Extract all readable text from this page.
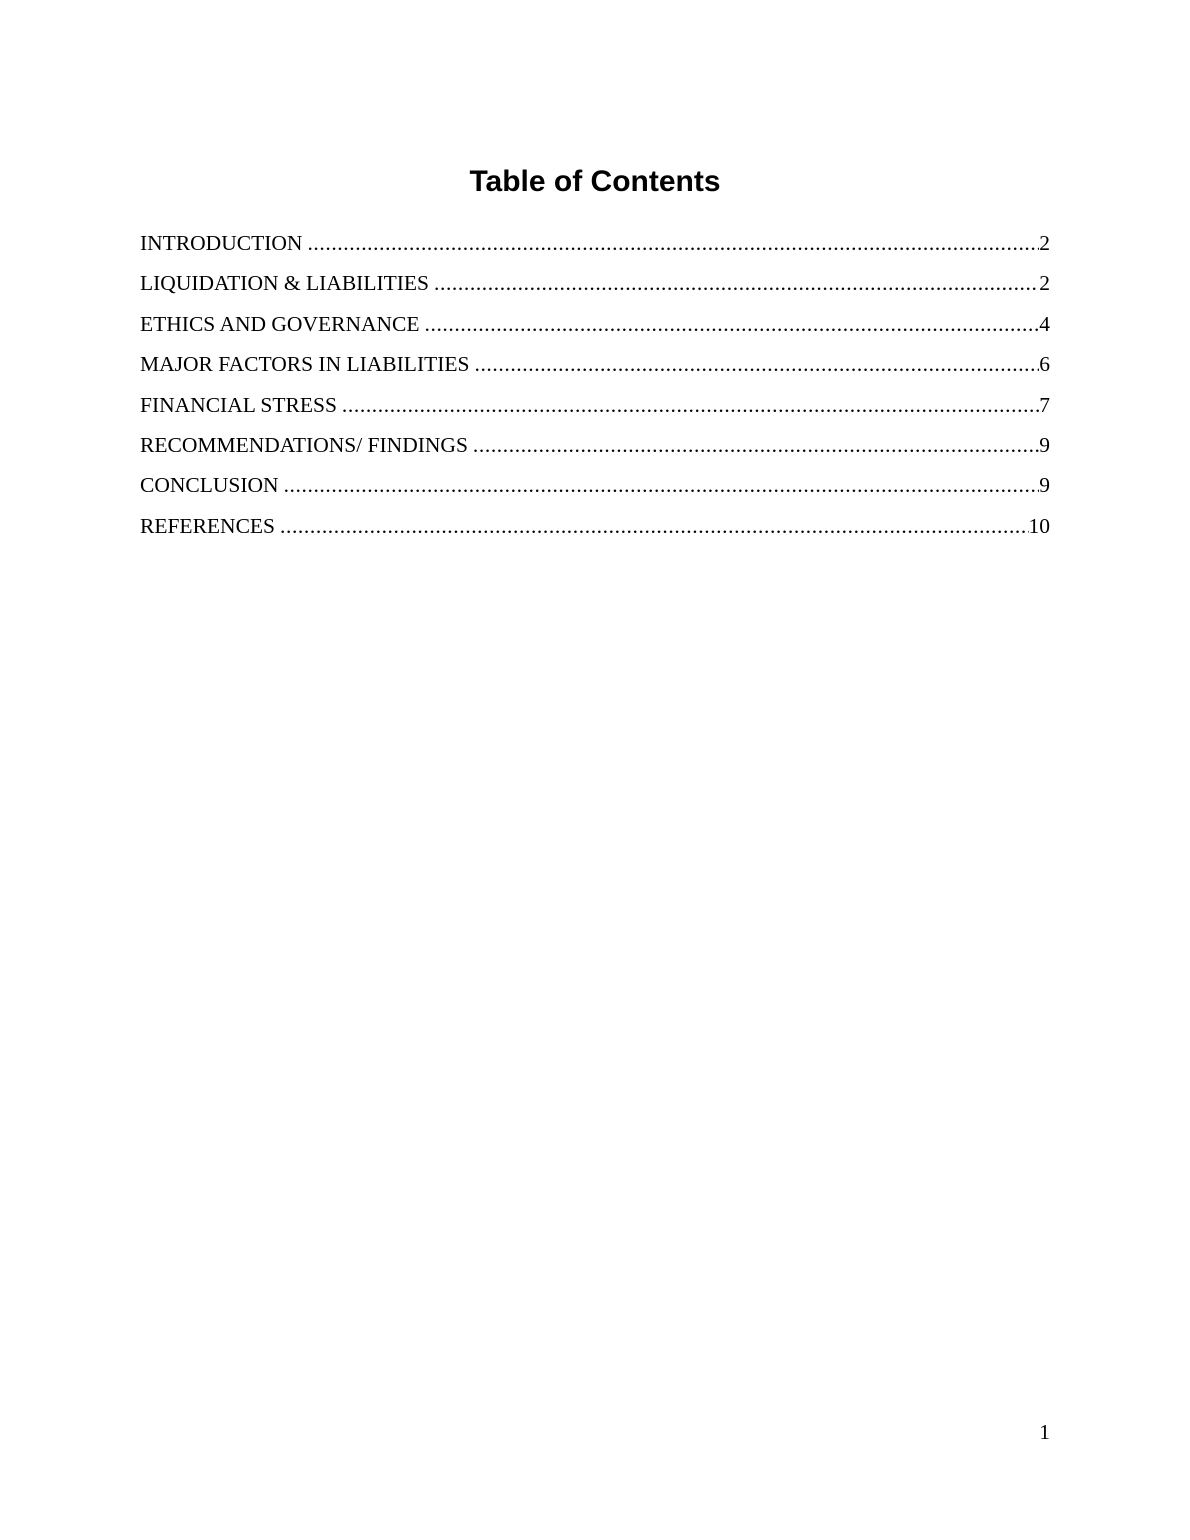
Table of Contents
INTRODUCTION .....	2
LIQUIDATION & LIABILITIES .....	2
ETHICS AND GOVERNANCE .....	4
MAJOR FACTORS IN LIABILITIES .....	6
FINANCIAL STRESS .....	7
RECOMMENDATIONS/ FINDINGS .....	9
CONCLUSION .....	9
REFERENCES .....	10
1
